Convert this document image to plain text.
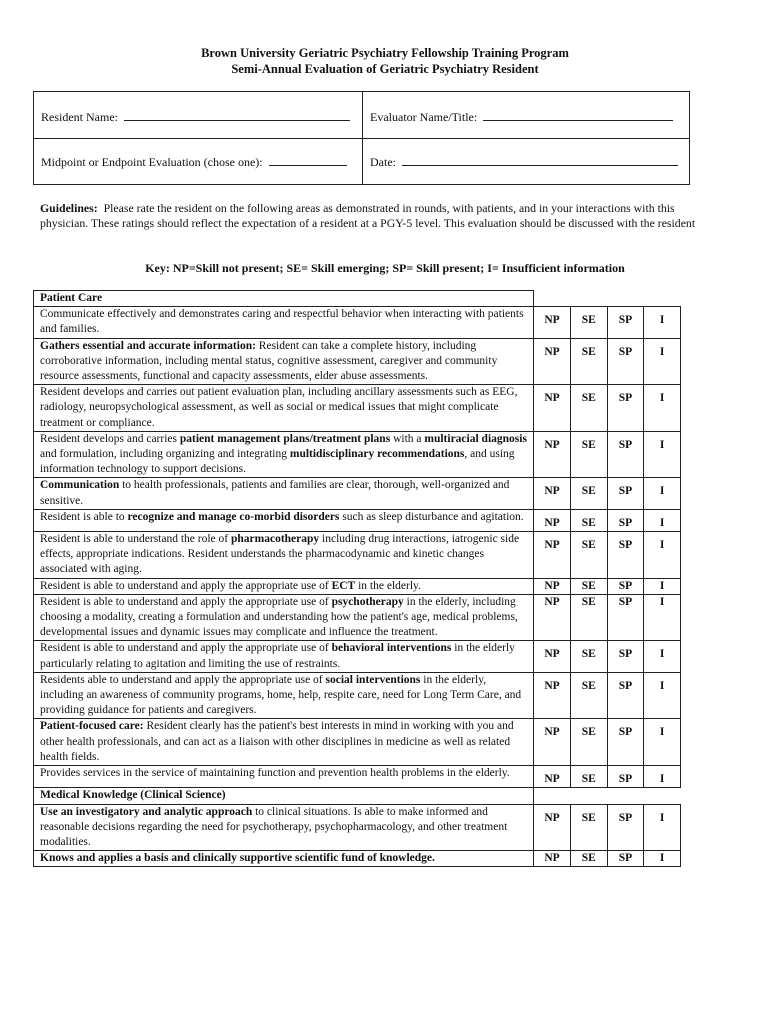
Brown University Geriatric Psychiatry Fellowship Training Program
Semi-Annual Evaluation of Geriatric Psychiatry Resident
Resident Name:	Evaluator Name/Title:
Midpoint or Endpoint Evaluation (chose one):	Date:
Guidelines: Please rate the resident on the following areas as demonstrated in rounds, with patients, and in your interactions with this physician. These ratings should reflect the expectation of a resident at a PGY-5 level. This evaluation should be discussed with the resident
Key: NP=Skill not present; SE= Skill emerging; SP= Skill present; I= Insufficient information
Patient Care				
Communicate effectively and demonstrates caring and respectful behavior when interacting with patients and families.	NP	SE	SP	I
Gathers essential and accurate information: Resident can take a complete history, including corroborative information, including mental status, cognitive assessment, caregiver and community resource assessments, functional and capacity assessments, elder abuse assessments.	NP	SE	SP	I
Resident develops and carries out patient evaluation plan, including ancillary assessments such as EEG, radiology, neuropsychological assessment, as well as social or medical issues that might complicate treatment or compliance.	NP	SE	SP	I
Resident develops and carries patient management plans/treatment plans with a multiracial diagnosis and formulation, including organizing and integrating multidisciplinary recommendations, and using information technology to support decisions.	NP	SE	SP	I
Communication to health professionals, patients and families are clear, thorough, well-organized and sensitive.	NP	SE	SP	I
Resident is able to recognize and manage co-morbid disorders such as sleep disturbance and agitation.	NP	SE	SP	I
Resident is able to understand the role of pharmacotherapy including drug interactions, iatrogenic side effects, appropriate indications. Resident understands the pharmacodynamic and kinetic changes associated with aging.	NP	SE	SP	I
Resident is able to understand and apply the appropriate use of ECT in the elderly.	NP	SE	SP	I
Resident is able to understand and apply the appropriate use of psychotherapy in the elderly, including choosing a modality, creating a formulation and understanding how the patient's age, medical problems, developmental issues and dynamic issues may complicate and influence the treatment.	NP	SE	SP	I
Resident is able to understand and apply the appropriate use of behavioral interventions in the elderly particularly relating to agitation and limiting the use of restraints.	NP	SE	SP	I
Residents able to understand and apply the appropriate use of social interventions in the elderly, including an awareness of community programs, home, help, respite care, need for Long Term Care, and providing guidance for patients and caregivers.	NP	SE	SP	I
Patient-focused care: Resident clearly has the patient's best interests in mind in working with you and other health professionals, and can act as a liaison with other disciplines in medicine as well as related health fields.	NP	SE	SP	I
Provides services in the service of maintaining function and prevention health problems in the elderly.	NP	SE	SP	I
Medical Knowledge (Clinical Science)				
Use an investigatory and analytic approach to clinical situations. Is able to make informed and reasonable decisions regarding the need for psychotherapy, psychopharmacology, and other treatment modalities.	NP	SE	SP	I
Knows and applies a basis and clinically supportive scientific fund of knowledge.	NP	SE	SP	I
